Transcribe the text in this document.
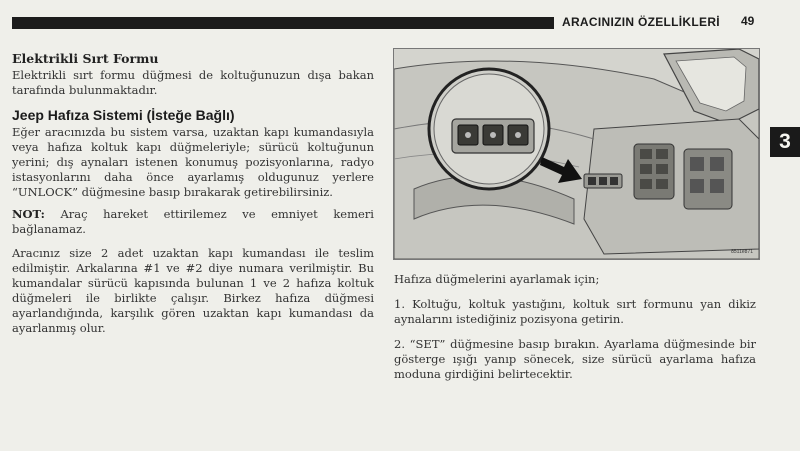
ARACINIZIN ÖZELLİKLERİ 49
3
Elektrikli Sırt Formu

Elektrikli sırt formu düğmesi de koltuğunuzun dışa bakan tarafında bulunmaktadır.

Jeep Hafıza Sistemi (İsteğe Bağlı)

Eğer aracınızda bu sistem varsa, uzaktan kapı kumandasıyla veya hafıza koltuk kapı düğmeleriyle; sürücü koltuğunun yerini; dış aynaları istenen konumuş pozisyonlarına, radyo istasyonlarını daha önce ayarlamış oldugunuz yerlere “UNLOCK” düğmesine basıp bırakarak getirebilirsiniz.

NOT: Araç hareket ettirilemez ve emniyet kemeri bağlanamaz.

Aracınız size 2 adet uzaktan kapı kumandası ile teslim edilmiştir. Arkalarına #1 ve #2 diye numara verilmiştir. Bu kumandalar sürücü kapısında bulunan 1 ve 2 hafıza koltuk düğmeleri ile birlikte çalışır. Birkez hafıza düğmesi ayarlandığında, karşılık gören uzaktan kapı kumandası da ayarlanmış olur.

8511e871

Hafıza düğmelerini ayarlamak için;

1. Koltuğu, koltuk yastığını, koltuk sırt formunu yan dikiz aynalarını istediğiniz pozisyona getirin.

2. “SET” düğmesine basıp bırakın. Ayarlama düğmesinde bir gösterge ışığı yanıp sönecek, size sürücü ayarlama hafıza moduna girdiğini belirtecektir.
